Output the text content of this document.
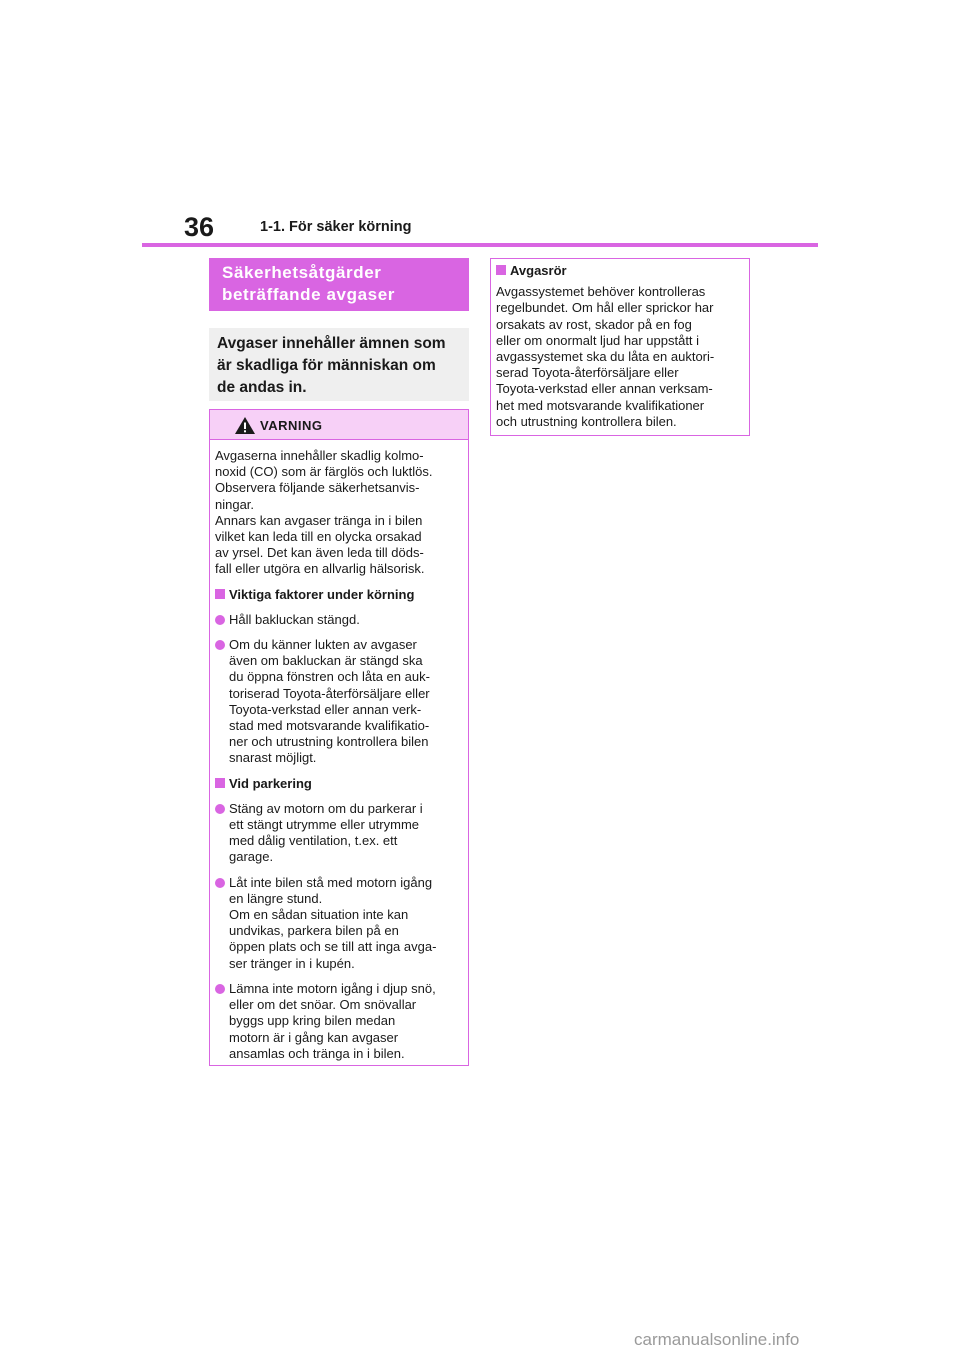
36	1-1. För säker körning
Säkerhetsåtgärder
beträffande avgaser
Avgaser innehåller ämnen som
är skadliga för människan om
de andas in.
VARNING
Avgaserna innehåller skadlig kolmo-
noxid (CO) som är färglös och luktlös.
Observera följande säkerhetsanvis-
ningar.
Annars kan avgaser tränga in i bilen
vilket kan leda till en olycka orsakad
av yrsel. Det kan även leda till döds-
fall eller utgöra en allvarlig hälsorisk.
Viktiga faktorer under körning
Håll bakluckan stängd.
Om du känner lukten av avgaser
även om bakluckan är stängd ska
du öppna fönstren och låta en auk-
toriserad Toyota-återförsäljare eller
Toyota-verkstad eller annan verk-
stad med motsvarande kvalifikatio-
ner och utrustning kontrollera bilen
snarast möjligt.
Vid parkering
Stäng av motorn om du parkerar i
ett stängt utrymme eller utrymme
med dålig ventilation, t.ex. ett
garage.
Låt inte bilen stå med motorn igång
en längre stund.
Om en sådan situation inte kan
undvikas, parkera bilen på en
öppen plats och se till att inga avga-
ser tränger in i kupén.
Lämna inte motorn igång i djup snö,
eller om det snöar. Om snövallar
byggs upp kring bilen medan
motorn är i gång kan avgaser
ansamlas och tränga in i bilen.
Avgasrör
Avgassystemet behöver kontrolleras
regelbundet. Om hål eller sprickor har
orsakats av rost, skador på en fog
eller om onormalt ljud har uppstått i
avgassystemet ska du låta en auktori-
serad Toyota-återförsäljare eller
Toyota-verkstad eller annan verksam-
het med motsvarande kvalifikationer
och utrustning kontrollera bilen.
carmanualsonline.info
